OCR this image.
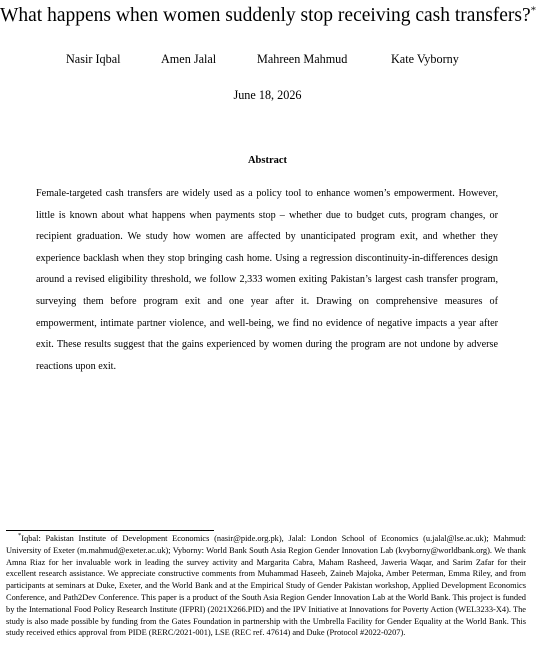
What happens when women suddenly stop receiving cash transfers?*
Nasir Iqbal	Amen Jalal	Mahreen Mahmud	Kate Vyborny
June 18, 2026
Abstract

Female-targeted cash transfers are widely used as a policy tool to enhance women’s empowerment. However, little is known about what happens when payments stop – whether due to budget cuts, program changes, or recipient graduation. We study how women are affected by unanticipated program exit, and whether they experience backlash when they stop bringing cash home. Using a regression discontinuity-in-differences design around a revised eligibility threshold, we follow 2,333 women exiting Pakistan’s largest cash transfer program, surveying them before program exit and one year after it. Drawing on comprehensive measures of empowerment, intimate partner violence, and well-being, we find no evidence of negative impacts a year after exit. These results suggest that the gains experienced by women during the program are not undone by adverse reactions upon exit.

*Iqbal: Pakistan Institute of Development Economics (nasir@pide.org.pk), Jalal: London School of Economics (u.jalal@lse.ac.uk); Mahmud: University of Exeter (m.mahmud@exeter.ac.uk); Vyborny: World Bank South Asia Region Gender Innovation Lab (kvyborny@worldbank.org). We thank Amna Riaz for her invaluable work in leading the survey activity and Margarita Cabra, Maham Rasheed, Jaweria Waqar, and Sarim Zafar for their excellent research assistance. We appreciate constructive comments from Muhammad Haseeb, Zaineb Majoka, Amber Peterman, Emma Riley, and from participants at seminars at Duke, Exeter, and the World Bank and at the Empirical Study of Gender Pakistan workshop, Applied Development Economics Conference, and Path2Dev Conference. This paper is a product of the South Asia Region Gender Innovation Lab at the World Bank. This project is funded by the International Food Policy Research Institute (IFPRI) (2021X266.PID) and the IPV Initiative at Innovations for Poverty Action (WEL3233-X4). The study is also made possible by funding from the Gates Foundation in partnership with the Umbrella Facility for Gender Equality at the World Bank. This study received ethics approval from PIDE (RERC/2021-001), LSE (REC ref. 47614) and Duke (Protocol #2022-0207).
